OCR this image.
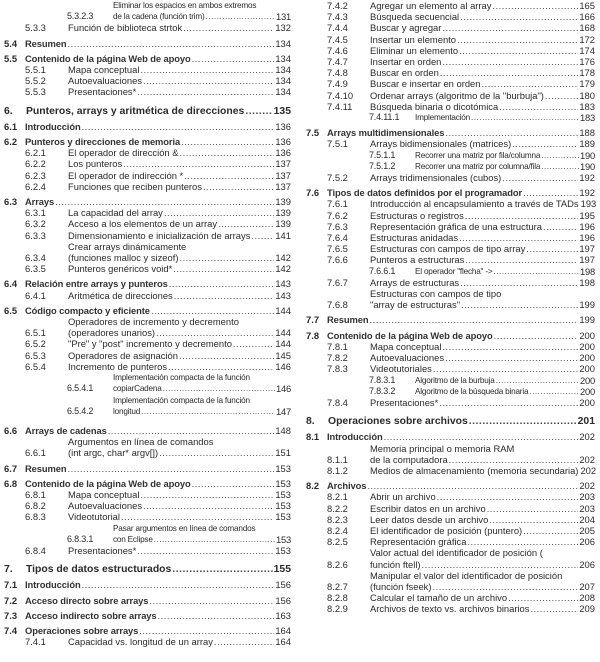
5.3.2.3
Eliminar los espacios en ambos extremos
de la cadena (función trim) .....	131
5.3.3	Función de biblioteca strtok .....	132
5.4 Resumen .....	134
5.5 Contenido de la página Web de apoyo .....	134
5.5.1	Mapa conceptual .....	134
5.5.2	Autoevaluaciones .....	134
5.5.3	Presentaciones* .....	134
6.	Punteros, arrays y aritmética de direcciones .....	135
6.1 Introducción .....	136
6.2 Punteros y direcciones de memoria .....	136
6.2.1	El operador de dirección & .....	136
6.2.2	Los punteros .....	137
6.2.3	El operador de indirección * .....	137
6.2.4	Funciones que reciben punteros .....	137
6.3 Arrays .....	139
6.3.1	La capacidad del array .....	139
6.3.2	Acceso a los elementos de un array .....	139
6.3.3	Dimensionamiento e inicialización de arrays .....	141
6.3.4
Crear arrays dinámicamente
(funciones malloc y sizeof) .....	142
6.3.5	Punteros genéricos void* .....	142
6.4 Relación entre arrays y punteros .....	143
6.4.1	Aritmética de direcciones .....	143
6.5 Código compacto y eficiente .....	144
6.5.1
Operadores de incremento y decremento
(operadores unarios) .....	144
6.5.2	"Pre" y "post" incremento y decremento .....	144
6.5.3	Operadores de asignación .....	145
6.5.4	Incremento de punteros .....	146
6.5.4.1
Implementación compacta de la función
copiarCadena .....	146
6.5.4.2
Implementación compacta de la función
longitud .....	147
6.6 Arrays de cadenas .....	148
6.6.1
Argumentos en línea de comandos
(int argc, char* argv[]) .....	151
6.7 Resumen .....	153
6.8 Contenido de la página Web de apoyo .....	153
6.8.1	Mapa conceptual .....	153
6.8.2	Autoevaluaciones .....	153
6.8.3	Videotutorial .....	153
6.8.3.1
Pasar argumentos en línea de comandos
con Eclipse .....	153
6.8.4	Presentaciones* .....	153
7.	Tipos de datos estructurados .....	155
7.1 Introducción .....	156
7.2 Acceso directo sobre arrays .....	156
7.3 Acceso indirecto sobre arrays .....	163
7.4 Operaciones sobre arrays .....	164
7.4.1	Capacidad vs. longitud de un array .....	164
7.4.2	Agregar un elemento al array .....	165
7.4.3	Búsqueda secuencial .....	166
7.4.4	Buscar y agregar .....	168
7.4.5	Insertar un elemento .....	172
7.4.6	Eliminar un elemento .....	174
7.4.7	Insertar en orden .....	176
7.4.8	Buscar en orden .....	178
7.4.9	Buscar e insertar en orden .....	179
7.4.10	Ordenar arrays (algoritmo de la "burbuja") .....	180
7.4.11	Búsqueda binaria o dicotómica .....	183
7.4.11.1	Implementación .....	183
7.5 Arrays multidimensionales .....	188
7.5.1	Arrays bidimensionales (matrices) .....	189
7.5.1.1	Recorrer una matriz por fila/columna .....	190
7.5.1.2	Recorrer una matriz por columna/fila .....	190
7.5.2	Arrays tridimensionales (cubos) .....	192
7.6 Tipos de datos definidos por el programador .....	192
7.6.1	Introducción al encapsulamiento a través de TADs 193
7.6.2	Estructuras o registros .....	195
7.6.3	Representación gráfica de una estructura .....	196
7.6.4	Estructuras anidadas .....	196
7.6.5	Estructuras con campos de tipo array .....	197
7.6.6	Punteros a estructuras .....	197
7.6.6.1	El operador "flecha" -> .....	198
7.6.7	Arrays de estructuras .....	198
7.6.8
Estructuras con campos de tipo
"array de estructuras" .....	199
7.7 Resumen .....	199
7.8 Contenido de la página Web de apoyo .....	200
7.8.1	Mapa conceptual .....	200
7.8.2	Autoevaluaciones .....	200
7.8.3	Videotutoriales .....	200
7.8.3.1	Algoritmo de la burbuja .....	200
7.8.3.2	Algoritmo de la búsqueda binaria .....	200
7.8.4	Presentaciones* .....	200
8.	Operaciones sobre archivos .....	201
8.1 Introducción .....	202
8.1.1
Memoria principal o memoria RAM
de la computadora .....	202
8.1.2	Medios de almacenamiento (memoria secundaria) 202
8.2 Archivos .....	202
8.2.1	Abrir un archivo .....	203
8.2.2	Escribir datos en un archivo .....	203
8.2.3	Leer datos desde un archivo .....	204
8.2.4	El identificador de posición (puntero) .....	205
8.2.5	Representación gráfica .....	206
8.2.6
Valor actual del identificador de posición (
función ftell) .....	206
8.2.7
Manipular el valor del identificador de posición
(función fseek) .....	207
8.2.8	Calcular el tamaño de un archivo .....	208
8.2.9	Archivos de texto vs. archivos binarios .....	209
